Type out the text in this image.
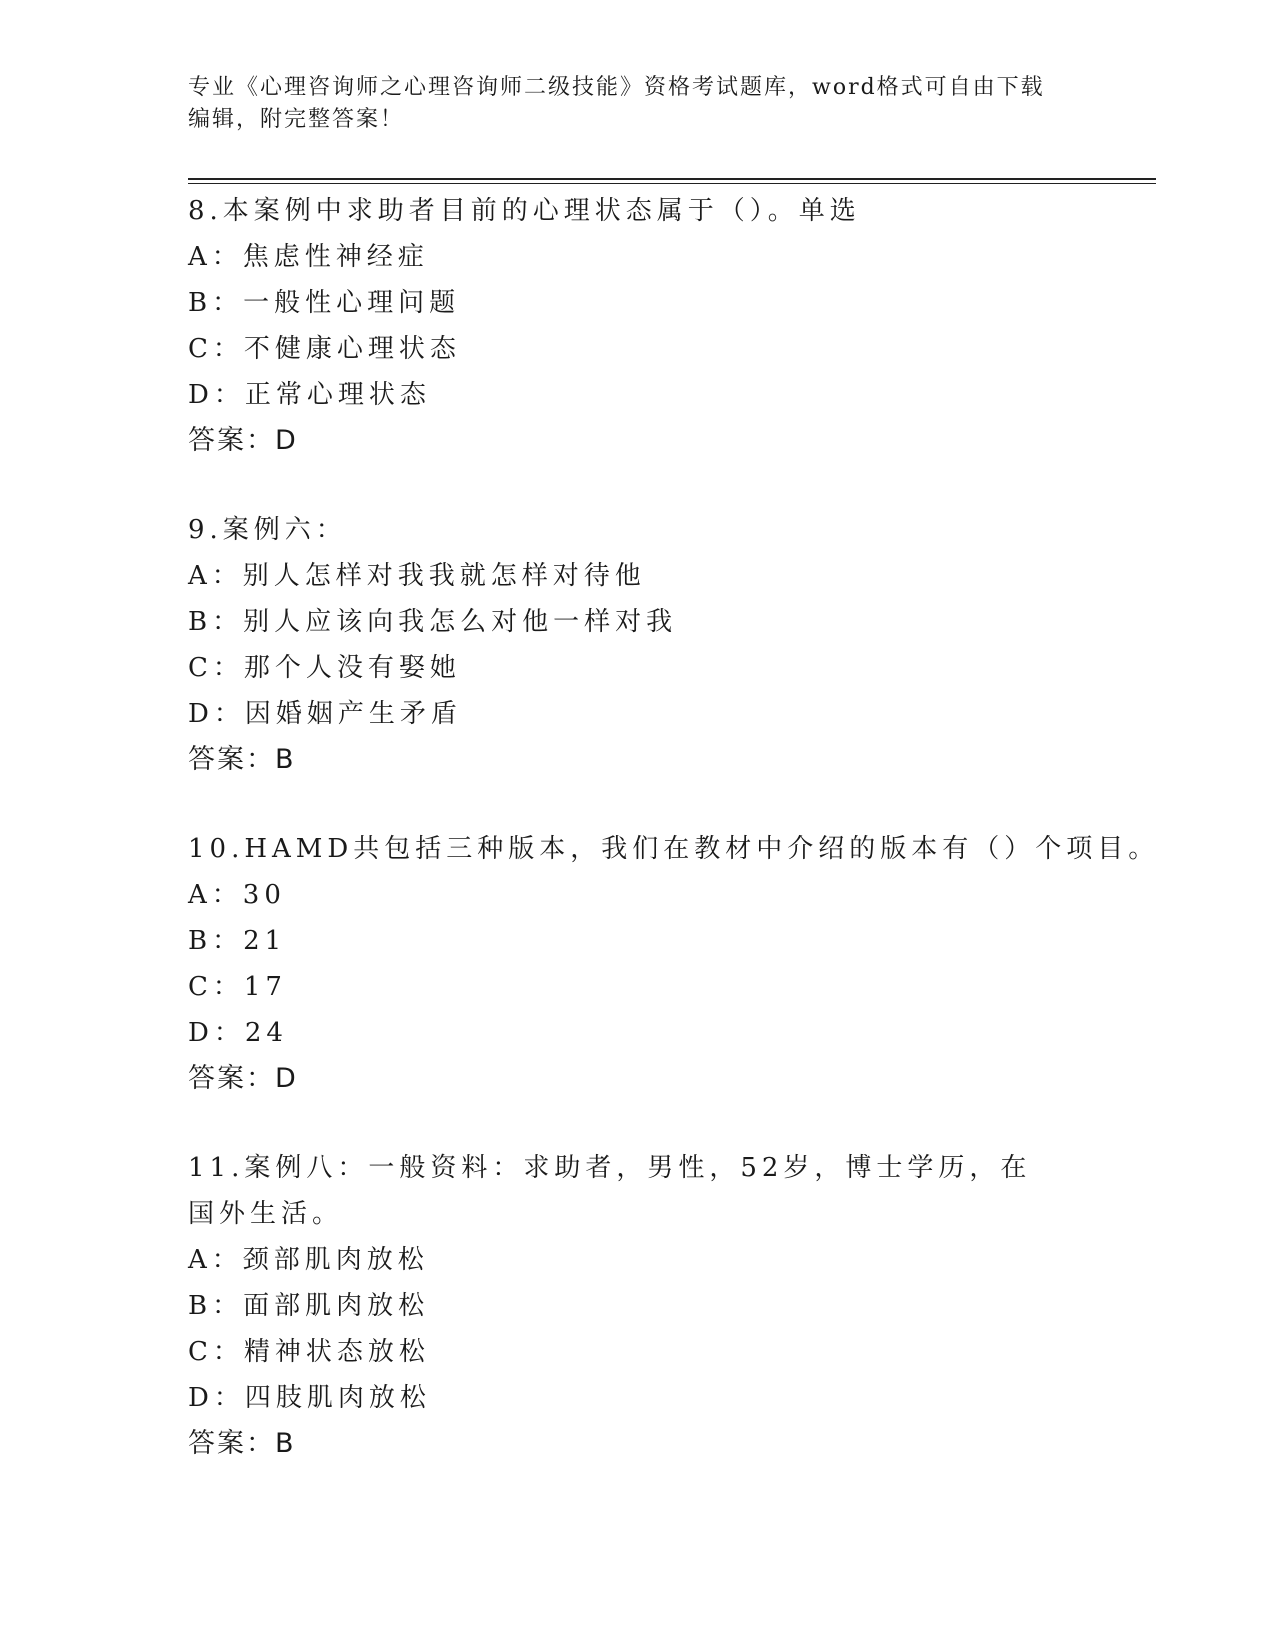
专业《心理咨询师之心理咨询师二级技能》资格考试题库，word格式可自由下载编辑，附完整答案！
8.本案例中求助者目前的心理状态属于（）。单选
A：焦虑性神经症
B：一般性心理问题
C：不健康心理状态
D：正常心理状态
答案：D
9.案例六：
A：别人怎样对我我就怎样对待他
B：别人应该向我怎么对他一样对我
C：那个人没有娶她
D：因婚姻产生矛盾
答案：B
10.HAMD共包括三种版本，我们在教材中介绍的版本有（）个项目。
A：30
B：21
C：17
D：24
答案：D
11.案例八：一般资料：求助者，男性，52岁，博士学历，在国外生活。
A：颈部肌肉放松
B：面部肌肉放松
C：精神状态放松
D：四肢肌肉放松
答案：B
